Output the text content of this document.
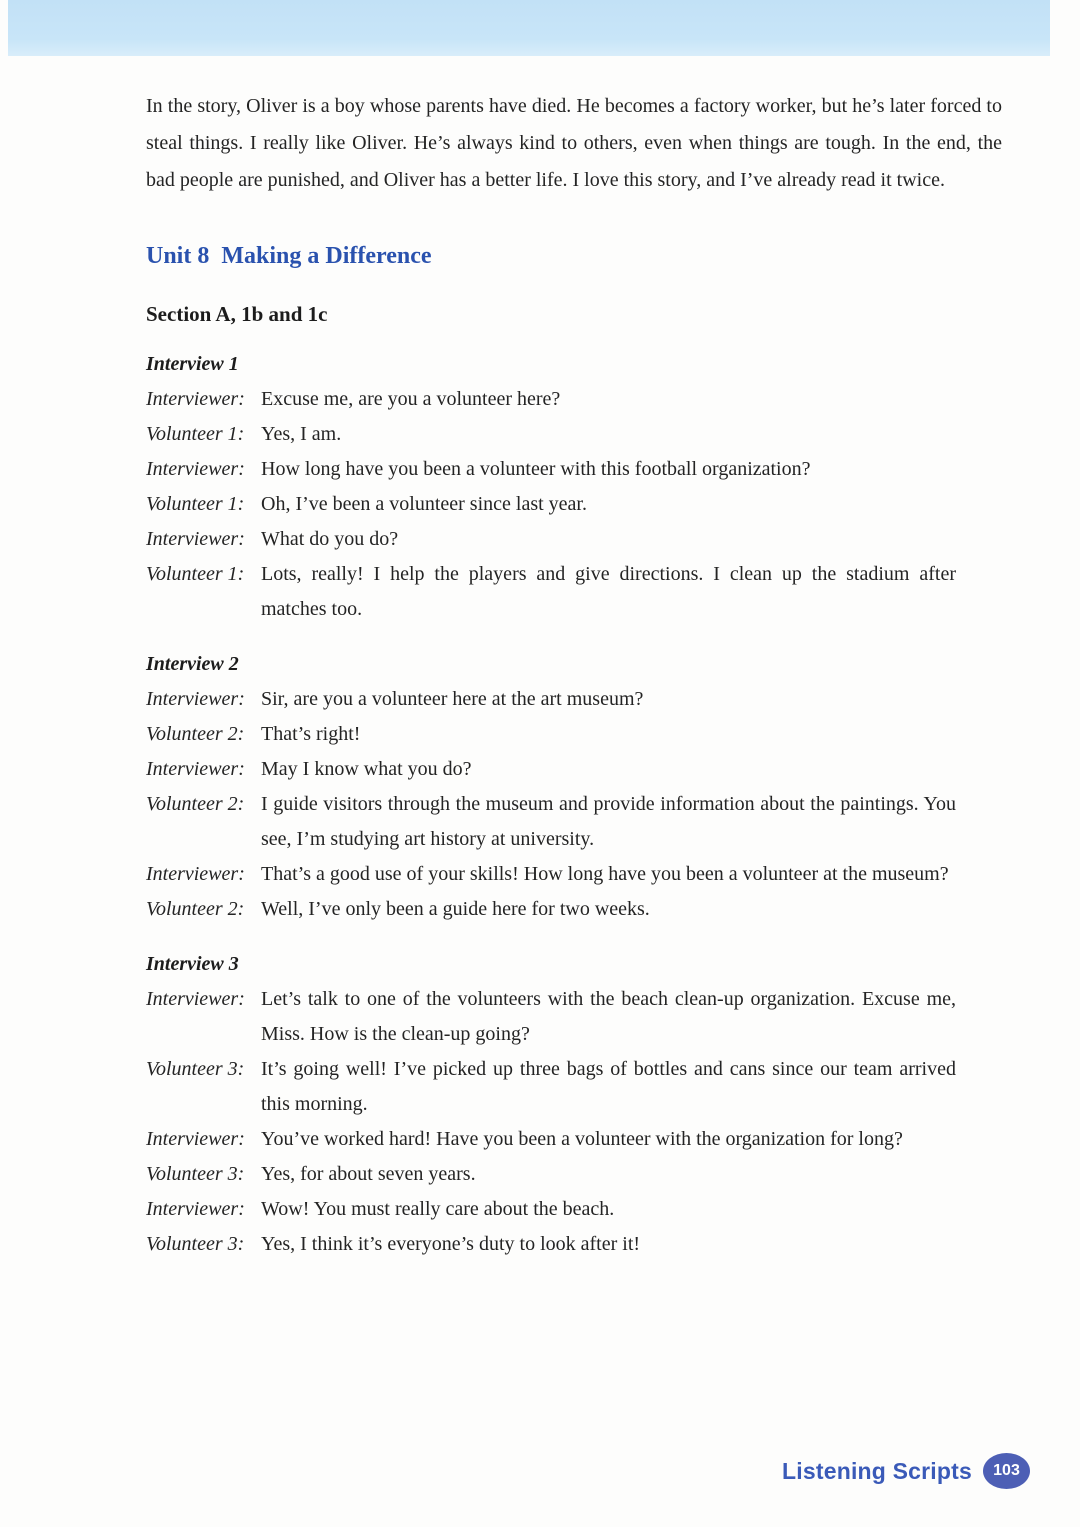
In the story, Oliver is a boy whose parents have died. He becomes a factory worker, but he’s later forced to steal things. I really like Oliver. He’s always kind to others, even when things are tough. In the end, the bad people are punished, and Oliver has a better life. I love this story, and I’ve already read it twice.

Unit 8  Making a Difference
Section A, 1b and 1c
Interview 1
Interviewer: Excuse me, are you a volunteer here?
Volunteer 1: Yes, I am.
Interviewer: How long have you been a volunteer with this football organization?
Volunteer 1: Oh, I’ve been a volunteer since last year.
Interviewer: What do you do?
Volunteer 1: Lots, really! I help the players and give directions. I clean up the stadium after matches too.
Interview 2
Interviewer: Sir, are you a volunteer here at the art museum?
Volunteer 2: That’s right!
Interviewer: May I know what you do?
Volunteer 2: I guide visitors through the museum and provide information about the paintings. You see, I’m studying art history at university.
Interviewer: That’s a good use of your skills! How long have you been a volunteer at the museum?
Volunteer 2: Well, I’ve only been a guide here for two weeks.
Interview 3
Interviewer: Let’s talk to one of the volunteers with the beach clean-up organization. Excuse me, Miss. How is the clean-up going?
Volunteer 3: It’s going well! I’ve picked up three bags of bottles and cans since our team arrived this morning.
Interviewer: You’ve worked hard! Have you been a volunteer with the organization for long?
Volunteer 3: Yes, for about seven years.
Interviewer: Wow! You must really care about the beach.
Volunteer 3: Yes, I think it’s everyone’s duty to look after it!
Listening Scripts	103
